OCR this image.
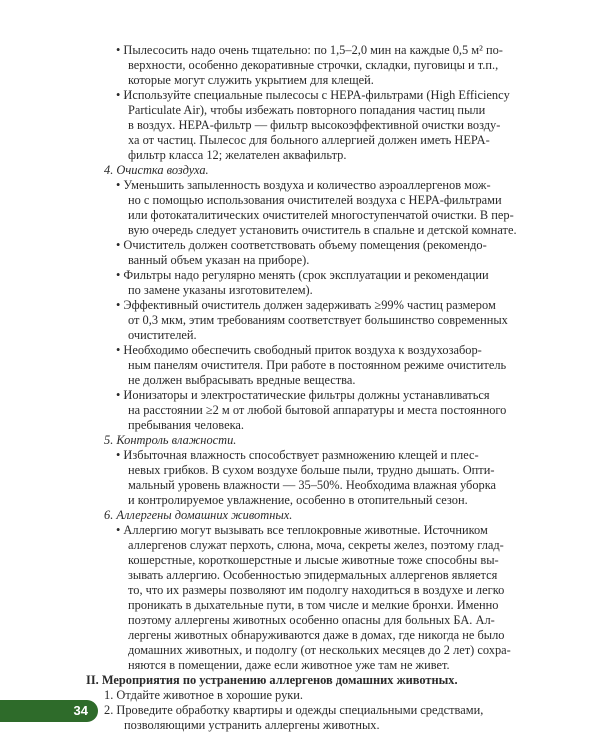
• Пылесосить надо очень тщательно: по 1,5–2,0 мин на каждые 0,5 м² по-

верхности, особенно декоративные строчки, складки, пуговицы и т.п.,

которые могут служить укрытием для клещей.

• Используйте специальные пылесосы с HEPA-фильтрами (High Efficiency

Particulate Air), чтобы избежать повторного попадания частиц пыли

в воздух. HEPA-фильтр — фильтр высокоэффективной очистки возду-

ха от частиц. Пылесос для больного аллергией должен иметь HEPA-

фильтр класса 12; желателен аквафильтр.

4. Очистка воздуха.

• Уменьшить запыленность воздуха и количество аэроаллергенов мож-

но с помощью использования очистителей воздуха с HEPA-фильтрами

или фотокаталитических очистителей многоступенчатой очистки. В пер-

вую очередь следует установить очиститель в спальне и детской комнате.

• Очиститель должен соответствовать объему помещения (рекомендо-

ванный объем указан на приборе).

• Фильтры надо регулярно менять (срок эксплуатации и рекомендации

по замене указаны изготовителем).

• Эффективный очиститель должен задерживать ≥99% частиц размером

от 0,3 мкм, этим требованиям соответствует большинство современных

очистителей.

• Необходимо обеспечить свободный приток воздуха к воздухозабор-

ным панелям очистителя. При работе в постоянном режиме очиститель

не должен выбрасывать вредные вещества.

• Ионизаторы и электростатические фильтры должны устанавливаться

на расстоянии ≥2 м от любой бытовой аппаратуры и места постоянного

пребывания человека.

5. Контроль влажности.

• Избыточная влажность способствует размножению клещей и плес-

невых грибков. В сухом воздухе больше пыли, трудно дышать. Опти-

мальный уровень влажности — 35–50%. Необходима влажная уборка

и контролируемое увлажнение, особенно в отопительный сезон.

6. Аллергены домашних животных.

• Аллергию могут вызывать все теплокровные животные. Источником

аллергенов служат перхоть, слюна, моча, секреты желез, поэтому глад-

кошерстные, короткошерстные и лысые животные тоже способны вы-

зывать аллергию. Особенностью эпидермальных аллергенов является

то, что их размеры позволяют им подолгу находиться в воздухе и легко

проникать в дыхательные пути, в том числе и мелкие бронхи. Именно

поэтому аллергены животных особенно опасны для больных БА. Ал-

лергены животных обнаруживаются даже в домах, где никогда не было

домашних животных, и подолгу (от нескольких месяцев до 2 лет) сохра-

няются в помещении, даже если животное уже там не живет.

II. Мероприятия по устранению аллергенов домашних животных.

1. Отдайте животное в хорошие руки.

2. Проведите обработку квартиры и одежды специальными средствами,

позволяющими устранить аллергены животных.

34
